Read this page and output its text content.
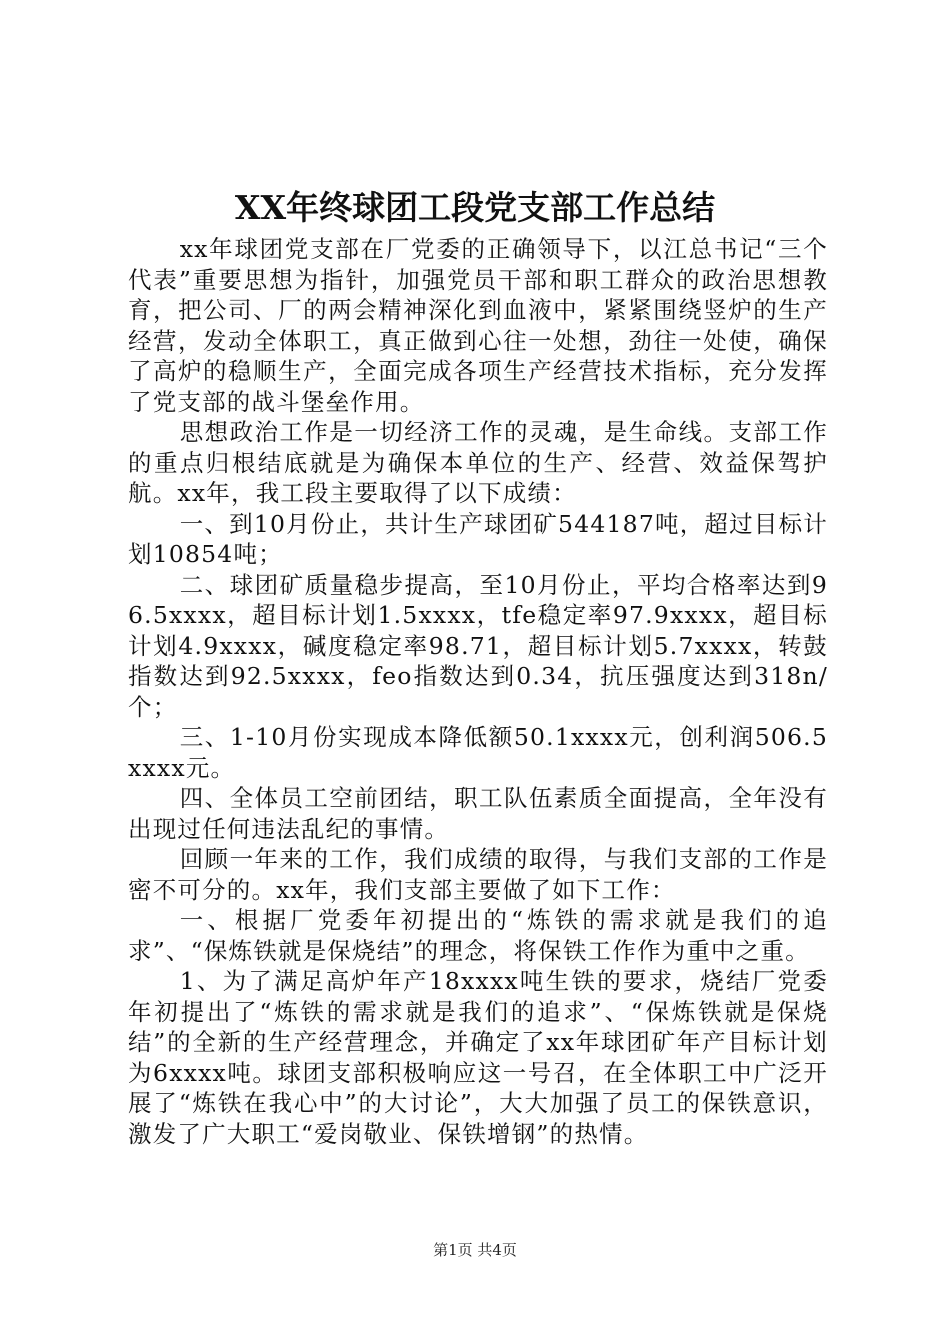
XX年终球团工段党支部工作总结

xx年球团党支部在厂党委的正确领导下，以江总书记“三个代表”重要思想为指针，加强党员干部和职工群众的政治思想教育，把公司、厂的两会精神深化到血液中，紧紧围绕竖炉的生产经营，发动全体职工，真正做到心往一处想，劲往一处使，确保了高炉的稳顺生产，全面完成各项生产经营技术指标，充分发挥了党支部的战斗堡垒作用。

思想政治工作是一切经济工作的灵魂，是生命线。支部工作的重点归根结底就是为确保本单位的生产、经营、效益保驾护航。xx年，我工段主要取得了以下成绩：

一、到10月份止，共计生产球团矿544187吨，超过目标计划10854吨；

二、球团矿质量稳步提高，至10月份止，平均合格率达到96.5xxxx，超目标计划1.5xxxx，tfe稳定率97.9xxxx，超目标计划4.9xxxx，碱度稳定率98.71，超目标计划5.7xxxx，转鼓指数达到92.5xxxx，feo指数达到0.34，抗压强度达到318n/个；

三、1-10月份实现成本降低额50.1xxxx元，创利润506.5xxxx元。

四、全体员工空前团结，职工队伍素质全面提高，全年没有出现过任何违法乱纪的事情。

回顾一年来的工作，我们成绩的取得，与我们支部的工作是密不可分的。xx年，我们支部主要做了如下工作：

一、根据厂党委年初提出的“炼铁的需求就是我们的追求”、“保炼铁就是保烧结”的理念，将保铁工作作为重中之重。

1、为了满足高炉年产18xxxx吨生铁的要求，烧结厂党委年初提出了“炼铁的需求就是我们的追求”、“保炼铁就是保烧结”的全新的生产经营理念，并确定了xx年球团矿年产目标计划为6xxxx吨。球团支部积极响应这一号召，在全体职工中广泛开展了“炼铁在我心中”的大讨论”，大大加强了员工的保铁意识，激发了广大职工“爱岗敬业、保铁增钢”的热情。

第1页 共4页
